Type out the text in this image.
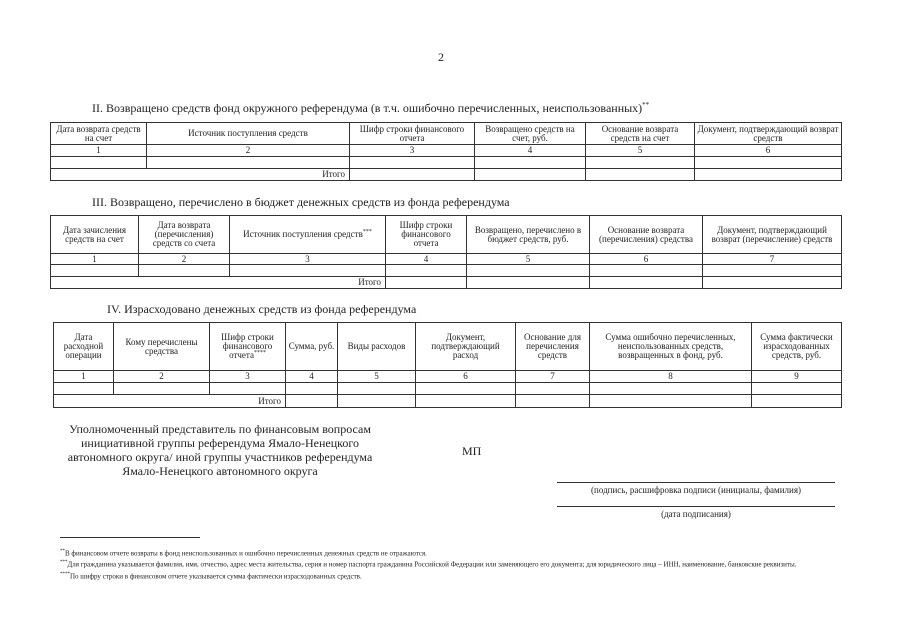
2
II. Возвращено средств фонд окружного референдума (в т.ч. ошибочно перечисленных, неиспользованных)**
Дата возврата средств на счет	Источник поступления средств	Шифр строки финансового отчета	Возвращено средств на счет, руб.	Основание возврата средств на счет	Документ, подтверждающий возврат средств
1	2	3	4	5	6

Итого					
III. Возвращено, перечислено в бюджет денежных средств из фонда референдума
Дата зачисления средств на счет	Дата возврата (перечисления) средств со счета	Источник поступления средств***	Шифр строки финансового отчета	Возвращено, перечислено в бюджет средств, руб.	Основание возврата (перечисления) средства	Документ, подтверждающий возврат (перечисление) средств
1	2	3	4	5	6	7

Итого						
IV. Израсходовано денежных средств из фонда референдума
Дата расходной операции	Кому перечислены средства	Шифр строки финансового отчета****	Сумма, руб.	Виды расходов	Документ, подтверждающий расход	Основание для перечисления средств	Сумма ошибочно перечисленных, неиспользованных средств, возвращенных в фонд, руб.	Сумма фактически израсходованных средств, руб.
1	2	3	4	5	6	7	8	9

Итого								
Уполномоченный представитель по финансовым вопросам
инициативной группы референдума Ямало-Ненецкого
автономного округа/ иной группы участников референдума
Ямало-Ненецкого автономного округа
МП
(подпись, расшифровка подписи (инициалы, фамилия)
(дата подписания)
**В финансовом отчете возвраты в фонд неиспользованных и ошибочно перечисленных денежных средств не отражаются.
***Для гражданина указывается фамилия, имя, отчество, адрес места жительства, серия и номер паспорта гражданина Российской Федерации или заменяющего его документа; для юридического лица – ИНН, наименование, банковские реквизиты.
****По шифру строки в финансовом отчете указывается сумма фактически израсходованных средств.
